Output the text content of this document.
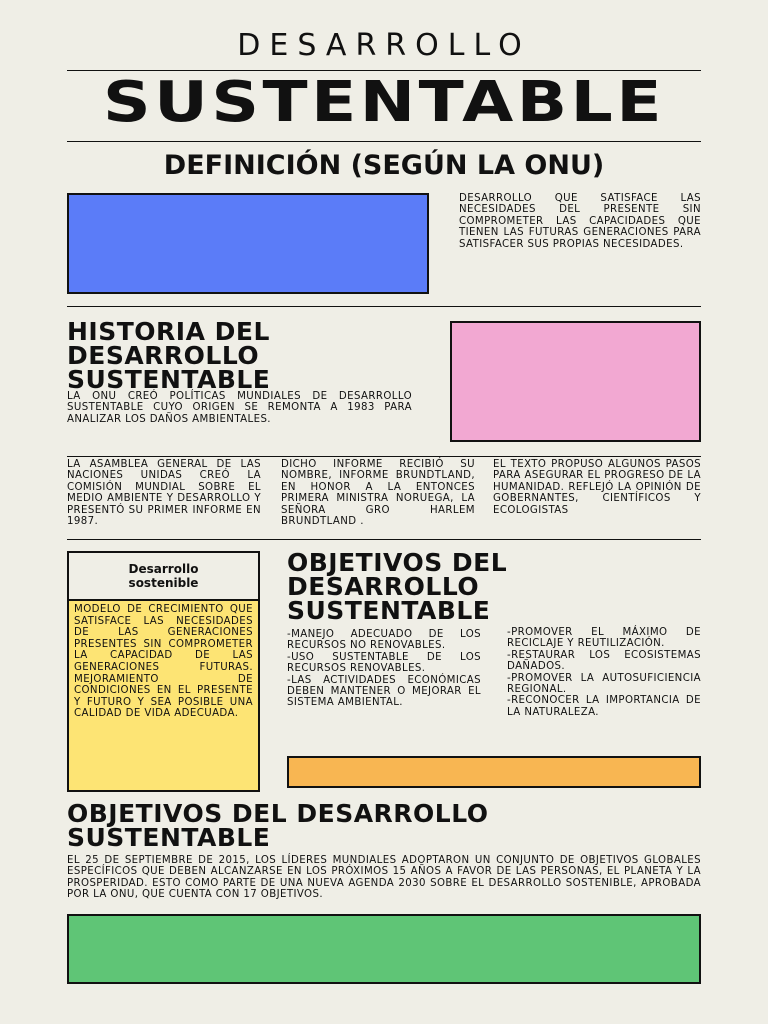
DESARROLLO
SUSTENTABLE
DEFINICIÓN (SEGÚN LA ONU)
DESARROLLO QUE SATISFACE LAS NECESIDADES DEL PRESENTE SIN COMPROMETER LAS CAPACIDADES QUE TIENEN LAS FUTURAS GENERACIONES PARA SATISFACER SUS PROPIAS NECESIDADES.
HISTORIA DEL
DESARROLLO
SUSTENTABLE
LA ONU CREÓ POLÍTICAS MUNDIALES DE DESARROLLO SUSTENTABLE CUYO ORIGEN SE REMONTA A 1983 PARA ANALIZAR LOS DAÑOS AMBIENTALES.
LA ASAMBLEA GENERAL DE LAS NACIONES UNIDAS CREÓ LA COMISIÓN MUNDIAL SOBRE EL MEDIO AMBIENTE Y DESARROLLO Y PRESENTÓ SU PRIMER INFORME EN 1987.
DICHO INFORME RECIBIÓ SU NOMBRE, INFORME BRUNDTLAND, EN HONOR A LA ENTONCES PRIMERA MINISTRA NORUEGA, LA SEÑORA GRO HARLEM BRUNDTLAND .
EL TEXTO PROPUSO ALGUNOS PASOS PARA ASEGURAR EL PROGRESO DE LA HUMANIDAD. REFLEJÓ LA OPINIÓN DE GOBERNANTES, CIENTÍFICOS Y ECOLOGISTAS
Desarrollo
sostenible
MODELO DE CRECIMIENTO QUE SATISFACE LAS NECESIDADES DE LAS GENERACIONES PRESENTES SIN COMPROMETER LA CAPACIDAD DE LAS GENERACIONES FUTURAS. MEJORAMIENTO DE CONDICIONES EN EL PRESENTE Y FUTURO Y SEA POSIBLE UNA CALIDAD DE VIDA ADECUADA.
OBJETIVOS DEL
DESARROLLO
SUSTENTABLE

-MANEJO ADECUADO DE LOS RECURSOS NO RENOVABLES.

-USO SUSTENTABLE DE LOS RECURSOS RENOVABLES.

-LAS ACTIVIDADES ECONÓMICAS DEBEN MANTENER O MEJORAR EL SISTEMA AMBIENTAL.

-PROMOVER EL MÁXIMO DE RECICLAJE Y REUTILIZACIÓN.

-RESTAURAR LOS ECOSISTEMAS DAÑADOS.

-PROMOVER LA AUTOSUFICIENCIA REGIONAL.

-RECONOCER LA IMPORTANCIA DE LA NATURALEZA.

OBJETIVOS DEL DESARROLLO
SUSTENTABLE
EL 25 DE SEPTIEMBRE DE 2015, LOS LÍDERES MUNDIALES ADOPTARON UN CONJUNTO DE OBJETIVOS GLOBALES ESPECÍFICOS QUE DEBEN ALCANZARSE EN LOS PRÓXIMOS 15 AÑOS A FAVOR DE LAS PERSONAS, EL PLANETA Y LA PROSPERIDAD. ESTO COMO PARTE DE UNA NUEVA AGENDA 2030 SOBRE EL DESARROLLO SOSTENIBLE, APROBADA POR LA ONU, QUE CUENTA CON 17 OBJETIVOS.
